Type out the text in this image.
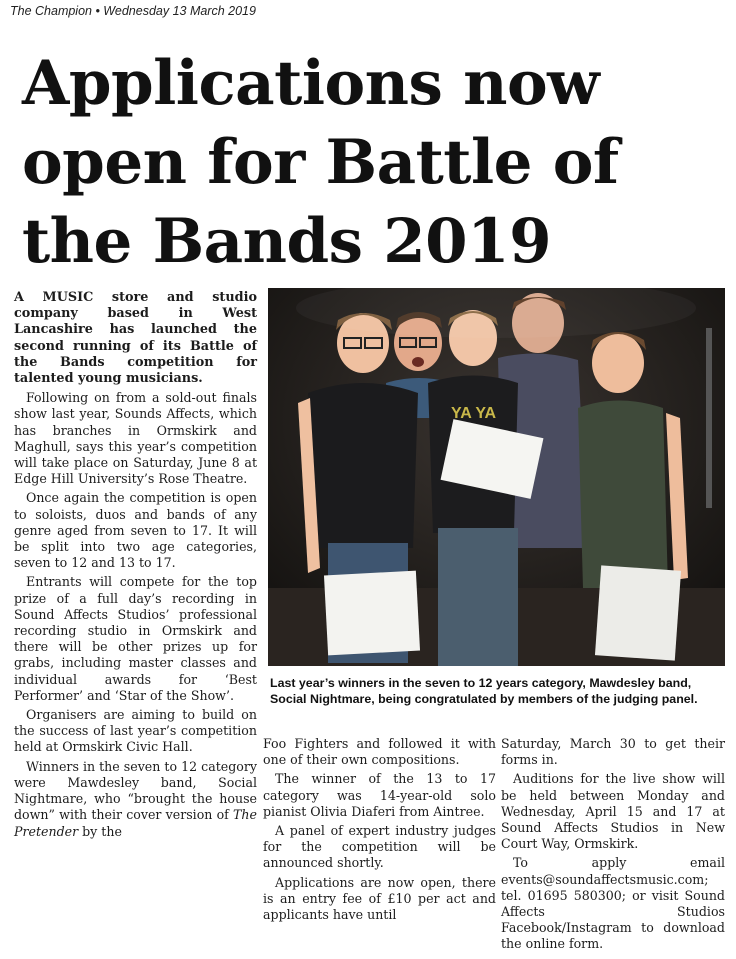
The Champion • Wednesday 13 March 2019
Applications now open for Battle of the Bands 2019

A MUSIC store and studio company based in West Lancashire has launched the second running of its Battle of the Bands competition for talented young musicians.

Following on from a sold-out finals show last year, Sounds Affects, which has branches in Ormskirk and Maghull, says this year’s competition will take place on Saturday, June 8 at Edge Hill University’s Rose Theatre.

Once again the competition is open to soloists, duos and bands of any genre aged from seven to 17. It will be split into two age categories, seven to 12 and 13 to 17.

Entrants will compete for the top prize of a full day’s recording in Sound Affects Studios’ professional recording studio in Ormskirk and there will be other prizes up for grabs, including master classes and individual awards for ‘Best Performer’ and ‘Star of the Show’.

Organisers are aiming to build on the success of last year’s competition held at Ormskirk Civic Hall.

Winners in the seven to 12 category were Mawdesley band, Social Nightmare, who “brought the house down” with their cover version of The Pretender by the

YA YA
Last year’s winners in the seven to 12 years category, Mawdesley band, Social Nightmare, being congratulated by members of the judging panel.

Foo Fighters and followed it with one of their own compositions.

The winner of the 13 to 17 category was 14-year-old solo pianist Olivia Diaferi from Aintree.

A panel of expert industry judges for the competition will be announced shortly.

Applications are now open, there is an entry fee of £10 per act and applicants have until

Saturday, March 30 to get their forms in.

Auditions for the live show will be held between Monday and Wednesday, April 15 and 17 at Sound Affects Studios in New Court Way, Ormskirk.

To apply email events@soundaffectsmusic.com; tel. 01695 580300; or visit Sound Affects Studios Facebook/Instagram to download the online form.
